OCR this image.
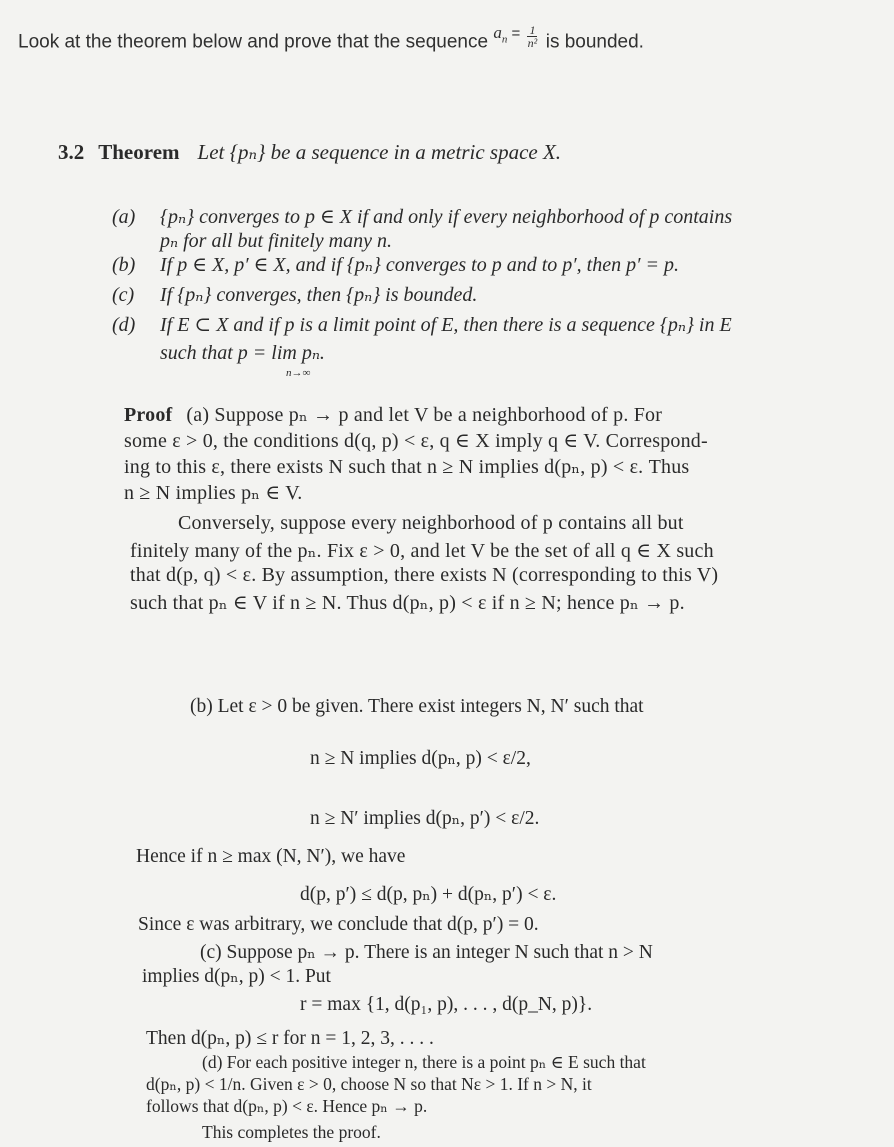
Look at the theorem below and prove that the sequence $a_n$ $^= \frac{1}{\text{n²}}$ is bounded.
3.2 Theorem Let {pₙ} be a sequence in a metric space X.
(a) {pₙ} converges to p ∈ X if and only if every neighborhood of p contains
pₙ for all but finitely many n.
(b) If p ∈ X, p′ ∈ X, and if {pₙ} converges to p and to p′, then p′ = p.
(c) If {pₙ} converges, then {pₙ} is bounded.
(d) If E ⊂ X and if p is a limit point of E, then there is a sequence {pₙ} in E
such that p = lim pₙ.
n→∞
Proof (a) Suppose pₙ → p and let V be a neighborhood of p. For
some ε > 0, the conditions d(q, p) < ε, q ∈ X imply q ∈ V. Correspond-
ing to this ε, there exists N such that n ≥ N implies d(pₙ, p) < ε. Thus
n ≥ N implies pₙ ∈ V.
Conversely, suppose every neighborhood of p contains all but
finitely many of the pₙ. Fix ε > 0, and let V be the set of all q ∈ X such
that d(p, q) < ε. By assumption, there exists N (corresponding to this V)
such that pₙ ∈ V if n ≥ N. Thus d(pₙ, p) < ε if n ≥ N; hence pₙ → p.
(b) Let ε > 0 be given. There exist integers N, N′ such that
n ≥ N implies d(pₙ, p) < ε/2,
n ≥ N′ implies d(pₙ, p′) < ε/2.
Hence if n ≥ max (N, N′), we have
d(p, p′) ≤ d(p, pₙ) + d(pₙ, p′) < ε.
Since ε was arbitrary, we conclude that d(p, p′) = 0.
(c) Suppose pₙ → p. There is an integer N such that n > N
implies d(pₙ, p) < 1. Put
r = max {1, d(p₁, p), . . . , d(p_N, p)}.
Then d(pₙ, p) ≤ r for n = 1, 2, 3, . . . .
(d) For each positive integer n, there is a point pₙ ∈ E such that
d(pₙ, p) < 1/n. Given ε > 0, choose N so that Nε > 1. If n > N, it
follows that d(pₙ, p) < ε. Hence pₙ → p.
This completes the proof.
